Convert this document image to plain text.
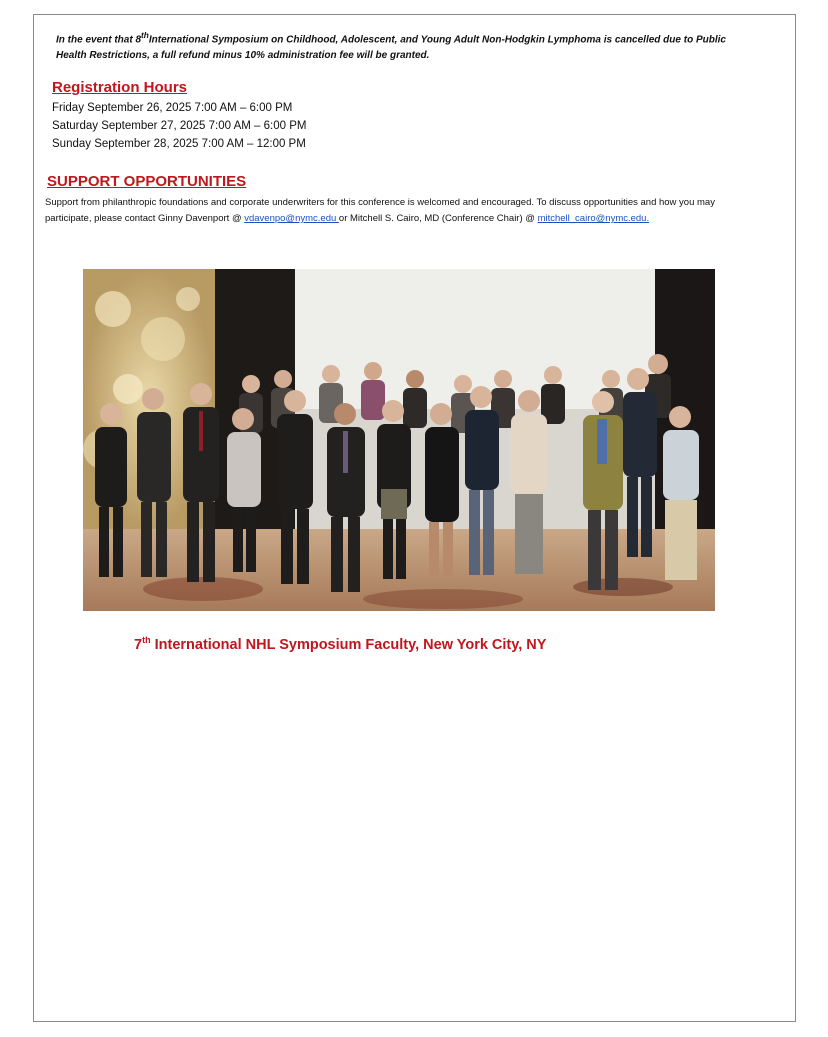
In the event that 8thInternational Symposium on Childhood, Adolescent, and Young Adult Non-Hodgkin Lymphoma is cancelled due to Public Health Restrictions, a full refund minus 10% administration fee will be granted.
Registration Hours
Friday September 26, 2025 7:00 AM – 6:00 PM
Saturday September 27, 2025 7:00 AM – 6:00 PM
Sunday September 28, 2025 7:00 AM – 12:00 PM
SUPPORT OPPORTUNITIES
Support from philanthropic foundations and corporate underwriters for this conference is welcomed and encouraged. To discuss opportunities and how you may participate, please contact Ginny Davenport @ vdavenpo@nymc.edu or Mitchell S. Cairo, MD (Conference Chair) @ mitchell_cairo@nymc.edu.
7th International NHL Symposium Faculty, New York City, NY
